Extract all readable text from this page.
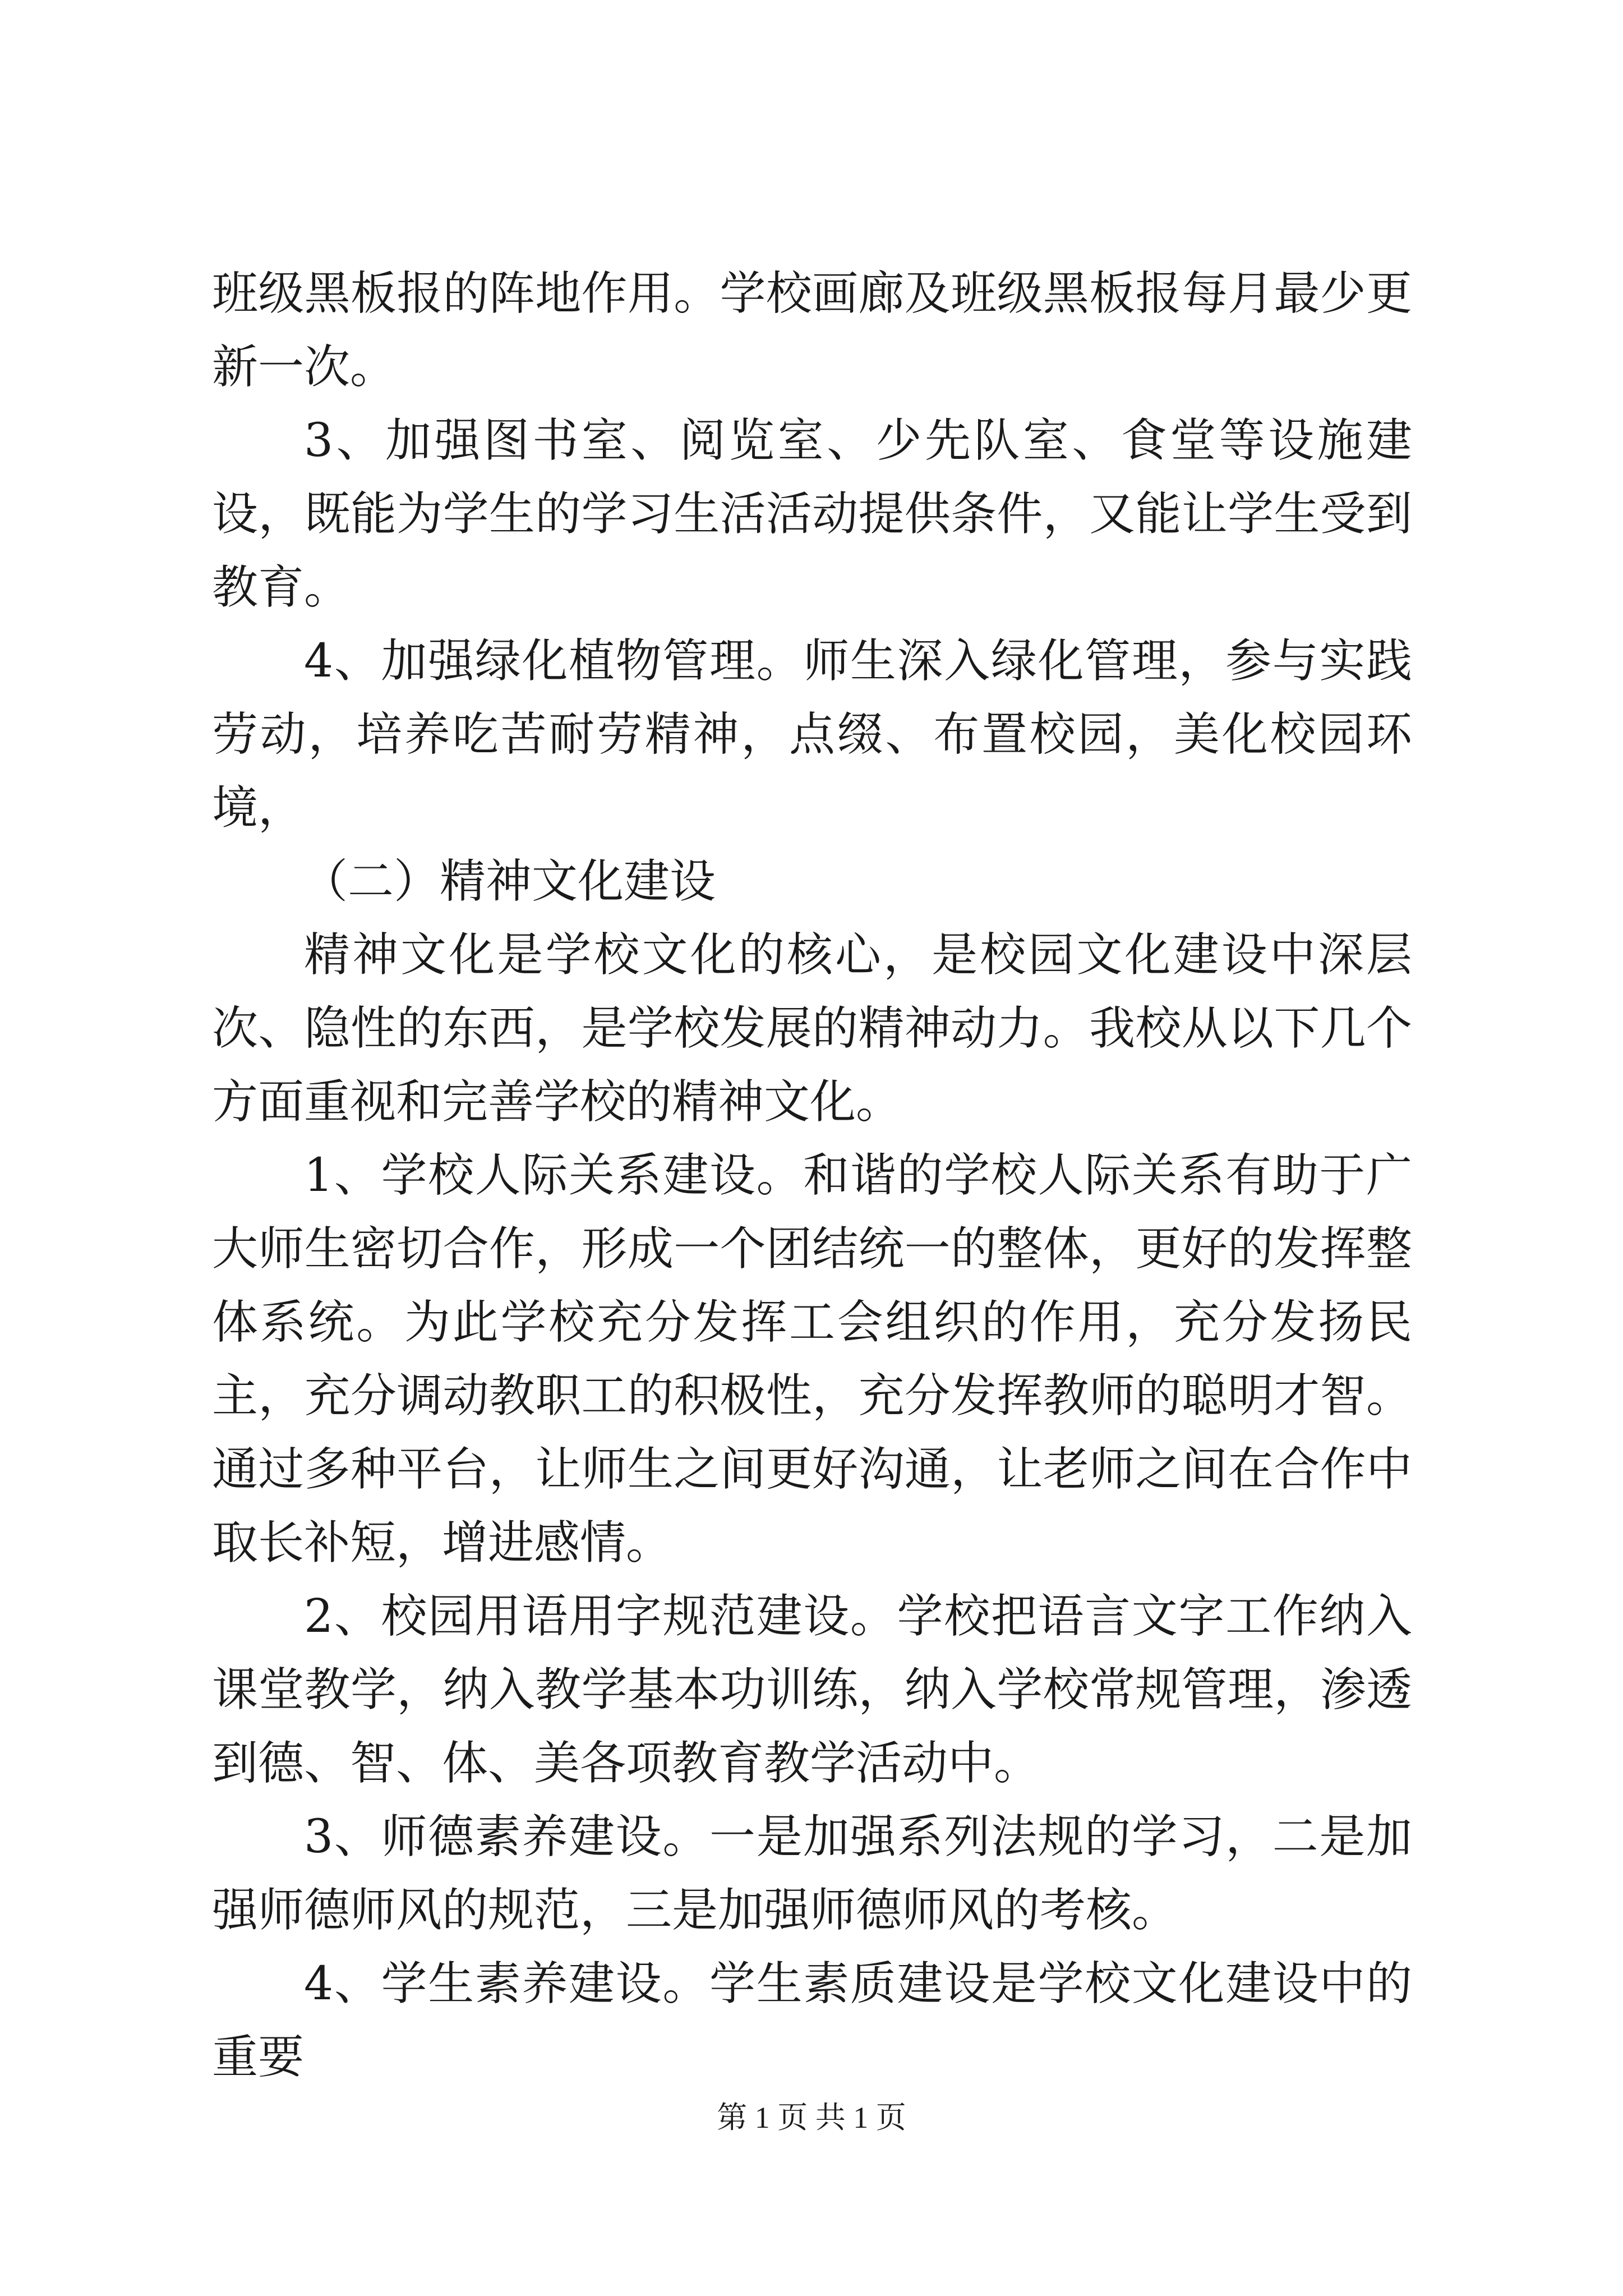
班级黑板报的阵地作用。学校画廊及班级黑板报每月最少更新一次。

3、加强图书室、阅览室、少先队室、食堂等设施建设，既能为学生的学习生活活动提供条件，又能让学生受到教育。

4、加强绿化植物管理。师生深入绿化管理，参与实践劳动，培养吃苦耐劳精神，点缀、布置校园，美化校园环境，

（二）精神文化建设

精神文化是学校文化的核心，是校园文化建设中深层次、隐性的东西，是学校发展的精神动力。我校从以下几个方面重视和完善学校的精神文化。

1、学校人际关系建设。和谐的学校人际关系有助于广大师生密切合作，形成一个团结统一的整体，更好的发挥整体系统。为此学校充分发挥工会组织的作用，充分发扬民主，充分调动教职工的积极性，充分发挥教师的聪明才智。通过多种平台，让师生之间更好沟通，让老师之间在合作中取长补短，增进感情。

2、校园用语用字规范建设。学校把语言文字工作纳入课堂教学，纳入教学基本功训练，纳入学校常规管理，渗透到德、智、体、美各项教育教学活动中。

3、师德素养建设。一是加强系列法规的学习，二是加强师德师风的规范，三是加强师德师风的考核。

4、学生素养建设。学生素质建设是学校文化建设中的重要

第 1 页 共 1 页
